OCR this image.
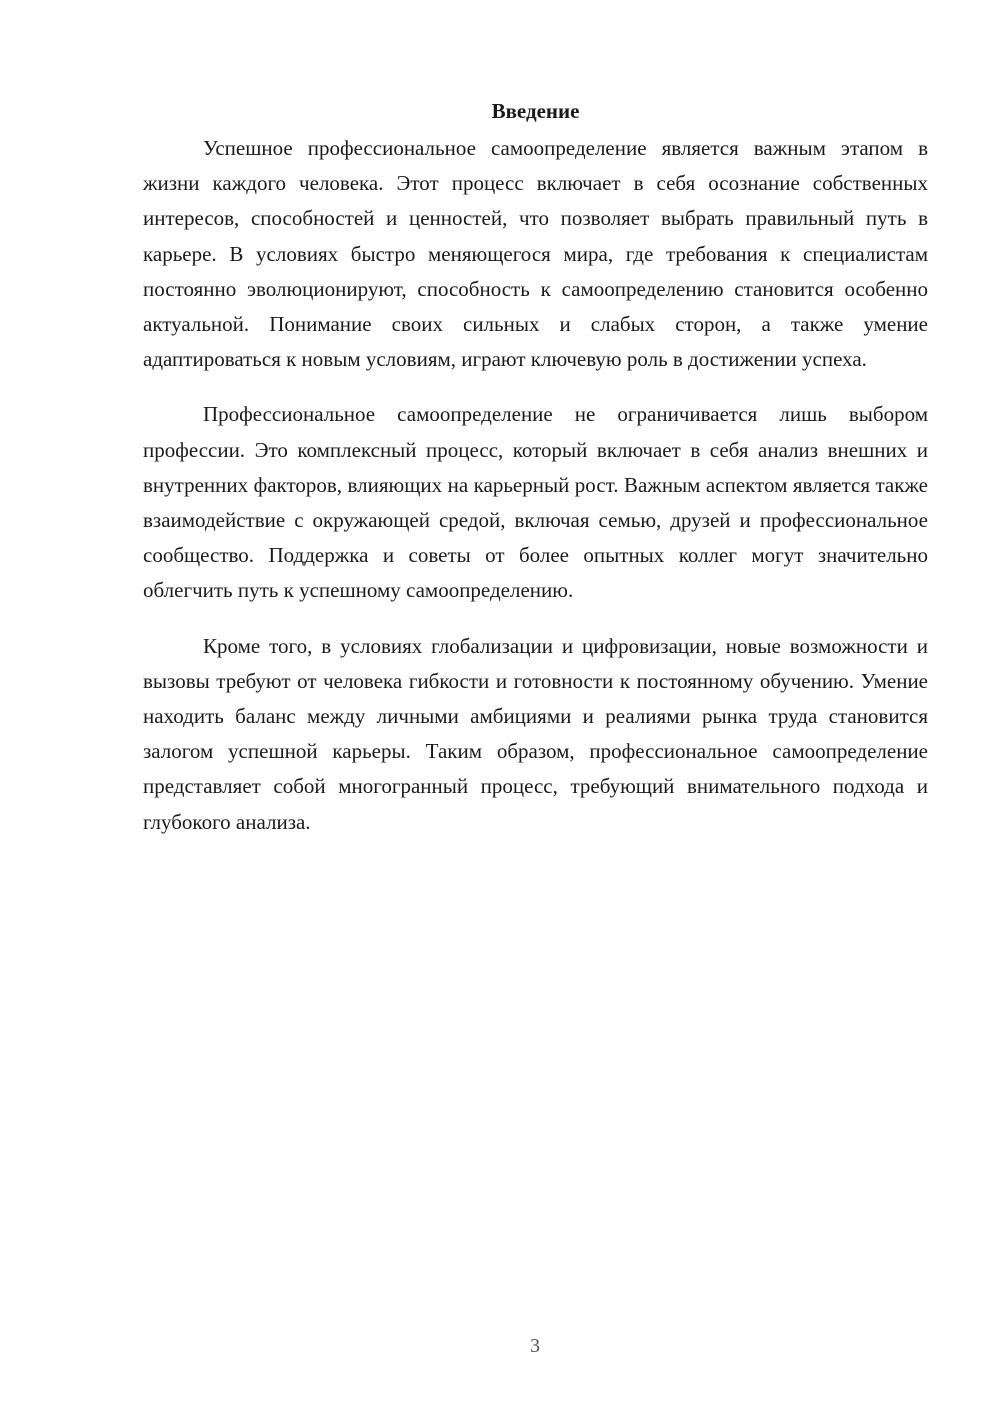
Введение

Успешное профессиональное самоопределение является важным этапом в жизни каждого человека. Этот процесс включает в себя осознание собственных интересов, способностей и ценностей, что позволяет выбрать правильный путь в карьере. В условиях быстро меняющегося мира, где требования к специалистам постоянно эволюционируют, способность к самоопределению становится особенно актуальной. Понимание своих сильных и слабых сторон, а также умение адаптироваться к новым условиям, играют ключевую роль в достижении успеха.

Профессиональное самоопределение не ограничивается лишь выбором профессии. Это комплексный процесс, который включает в себя анализ внешних и внутренних факторов, влияющих на карьерный рост. Важным аспектом является также взаимодействие с окружающей средой, включая семью, друзей и профессиональное сообщество. Поддержка и советы от более опытных коллег могут значительно облегчить путь к успешному самоопределению.

Кроме того, в условиях глобализации и цифровизации, новые возможности и вызовы требуют от человека гибкости и готовности к постоянному обучению. Умение находить баланс между личными амбициями и реалиями рынка труда становится залогом успешной карьеры. Таким образом, профессиональное самоопределение представляет собой многогранный процесс, требующий внимательного подхода и глубокого анализа.

3
